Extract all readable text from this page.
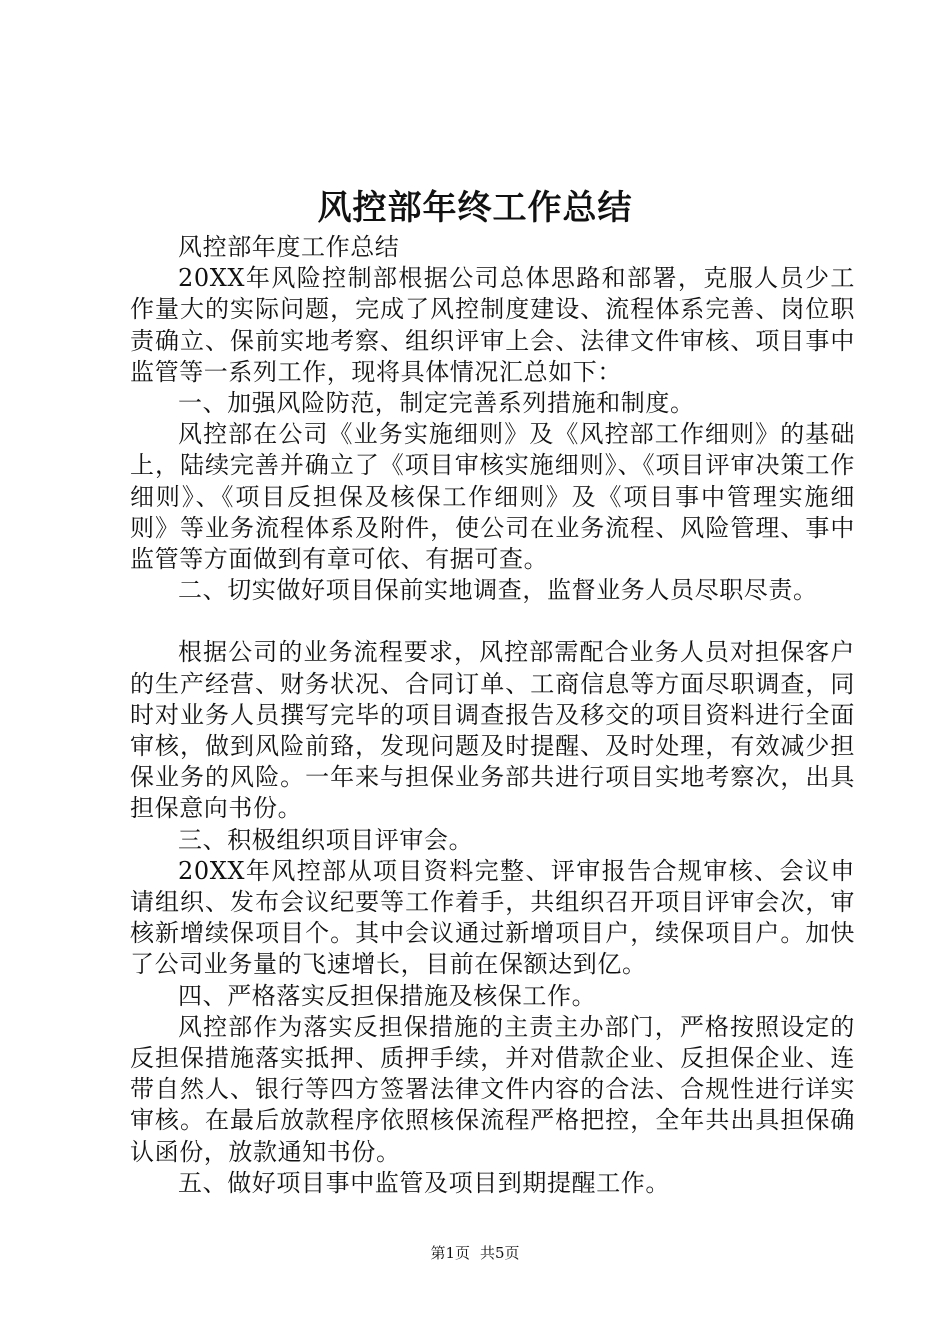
风控部年终工作总结

风控部年度工作总结

20XX年风险控制部根据公司总体思路和部署，克服人员少工作量大的实际问题，完成了风控制度建设、流程体系完善、岗位职责确立、保前实地考察、组织评审上会、法律文件审核、项目事中监管等一系列工作，现将具体情况汇总如下：

一、加强风险防范，制定完善系列措施和制度。

风控部在公司《业务实施细则》及《风控部工作细则》的基础上，陆续完善并确立了《项目审核实施细则》、《项目评审决策工作细则》、《项目反担保及核保工作细则》及《项目事中管理实施细则》等业务流程体系及附件，使公司在业务流程、风险管理、事中监管等方面做到有章可依、有据可查。

二、切实做好项目保前实地调查，监督业务人员尽职尽责。

根据公司的业务流程要求，风控部需配合业务人员对担保客户的生产经营、财务状况、合同订单、工商信息等方面尽职调查，同时对业务人员撰写完毕的项目调查报告及移交的项目资料进行全面审核，做到风险前臵，发现问题及时提醒、及时处理，有效减少担保业务的风险。一年来与担保业务部共进行项目实地考察次，出具担保意向书份。

三、积极组织项目评审会。

20XX年风控部从项目资料完整、评审报告合规审核、会议申请组织、发布会议纪要等工作着手，共组织召开项目评审会次，审核新增续保项目个。其中会议通过新增项目户，续保项目户。加快了公司业务量的飞速增长，目前在保额达到亿。

四、严格落实反担保措施及核保工作。

风控部作为落实反担保措施的主责主办部门，严格按照设定的反担保措施落实抵押、质押手续，并对借款企业、反担保企业、连带自然人、银行等四方签署法律文件内容的合法、合规性进行详实审核。在最后放款程序依照核保流程严格把控，全年共出具担保确认函份，放款通知书份。

五、做好项目事中监管及项目到期提醒工作。

第1页 共5页
